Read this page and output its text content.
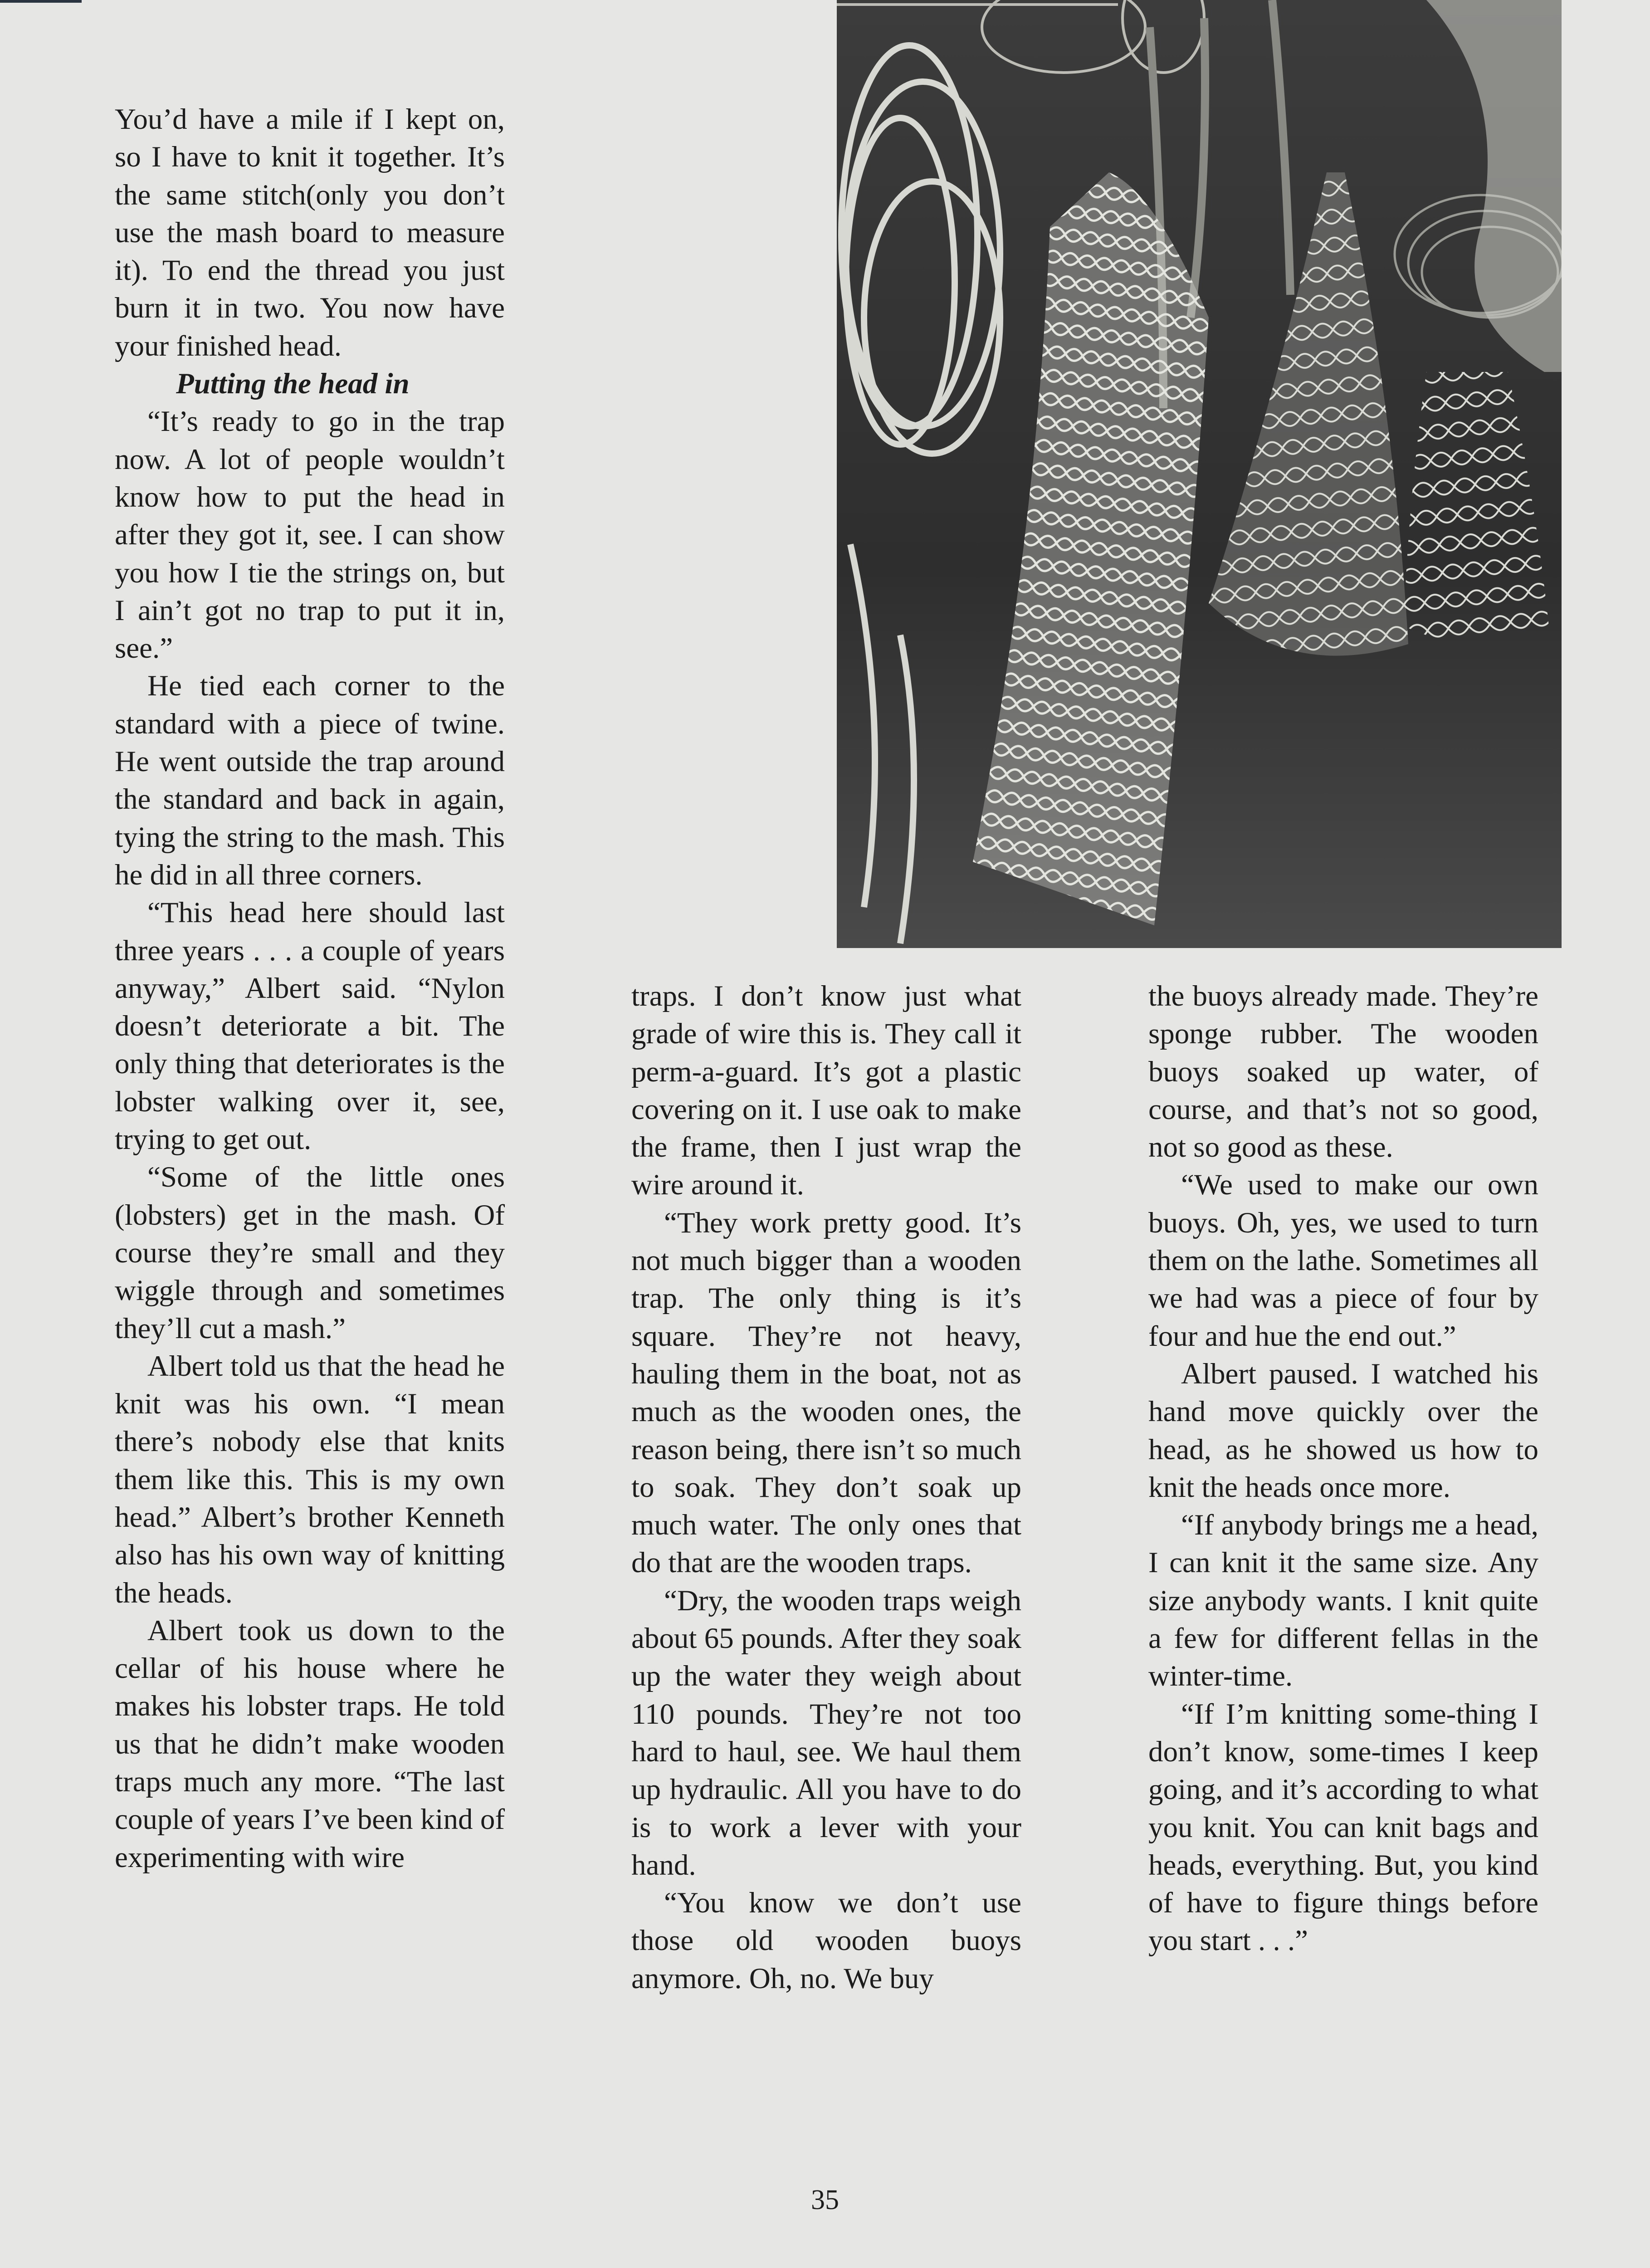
You’d have a mile if I kept on, so I have to knit it together. It’s the same stitch(only you don’t use the mash board to measure it). To end the thread you just burn it in two. You now have your finished head.

Putting the head in

“It’s ready to go in the trap now. A lot of people wouldn’t know how to put the head in after they got it, see. I can show you how I tie the strings on, but I ain’t got no trap to put it in, see.”

He tied each corner to the standard with a piece of twine. He went outside the trap around the standard and back in again, tying the string to the mash. This he did in all three corners.

“This head here should last three years . . . a couple of years anyway,” Albert said. “Nylon doesn’t deteriorate a bit. The only thing that deteriorates is the lobster walking over it, see, trying to get out.

“Some of the little ones (lobsters) get in the mash. Of course they’re small and they wiggle through and sometimes they’ll cut a mash.”

Albert told us that the head he knit was his own. “I mean there’s nobody else that knits them like this. This is my own head.” Albert’s brother Kenneth also has his own way of knitting the heads.

Albert took us down to the cellar of his house where he makes his lobster traps. He told us that he didn’t make wooden traps much any more. “The last couple of years I’ve been kind of experimenting with wire

traps. I don’t know just what grade of wire this is. They call it perm-a-guard. It’s got a plastic covering on it. I use oak to make the frame, then I just wrap the wire around it.

“They work pretty good. It’s not much bigger than a wooden trap. The only thing is it’s square. They’re not heavy, hauling them in the boat, not as much as the wooden ones, the reason being, there isn’t so much to soak. They don’t soak up much water. The only ones that do that are the wooden traps.

“Dry, the wooden traps weigh about 65 pounds. After they soak up the water they weigh about 110 pounds. They’re not too hard to haul, see. We haul them up hydraulic. All you have to do is to work a lever with your hand.

“You know we don’t use those old wooden buoys anymore. Oh, no. We buy

the buoys already made. They’re sponge rubber. The wooden buoys soaked up water, of course, and that’s not so good, not so good as these.

“We used to make our own buoys. Oh, yes, we used to turn them on the lathe. Sometimes all we had was a piece of four by four and hue the end out.”

Albert paused. I watched his hand move quickly over the head, as he showed us how to knit the heads once more.

“If anybody brings me a head, I can knit it the same size. Any size anybody wants. I knit quite a few for different fellas in the winter-time.

“If I’m knitting some-thing I don’t know, some-times I keep going, and it’s according to what you knit. You can knit bags and heads, everything. But, you kind of have to figure things before you start . . .”

35
